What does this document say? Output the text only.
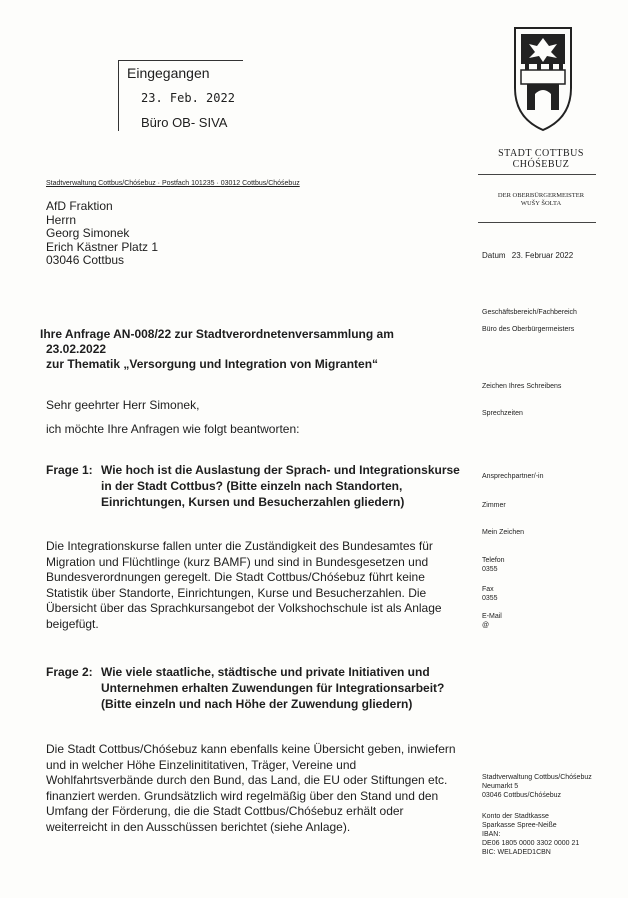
Eingegangen
23. Feb. 2022
Büro OB- SIVA
STADT COTTBUS
CHÓŚEBUZ
DER OBERBÜRGERMEISTER
WUŠY ŠOLTA
Stadtverwaltung Cottbus/Chóśebuz · Postfach 101235 · 03012 Cottbus/Chóśebuz
AfD Fraktion
Herrn
Georg Simonek
Erich Kästner Platz 1
03046 Cottbus	Datum 23. Februar 2022
Geschäftsbereich/Fachbereich
Büro des Oberbürgermeisters
Zeichen Ihres Schreibens
Sprechzeiten
Ansprechpartner/-in
Zimmer
Mein Zeichen
Telefon
0355
Fax
0355
E-Mail
@
Stadtverwaltung Cottbus/Chóśebuz
Neumarkt 5
03046 Cottbus/Chóśebuz
Konto der Stadtkasse
Sparkasse Spree-Neiße
IBAN:
DE06 1805 0000 3302 0000 21
BIC: WELADED1CBN
Ihre Anfrage AN-008/22 zur Stadtverordnetenversammlung am
23.02.2022
zur Thematik „Versorgung und Integration von Migranten“
Sehr geehrter Herr Simonek,
ich möchte Ihre Anfragen wie folgt beantworten:
Frage 1: Wie hoch ist die Auslastung der Sprach- und Integrationskurse
in der Stadt Cottbus? (Bitte einzeln nach Standorten,
Einrichtungen, Kursen und Besucherzahlen gliedern)
Die Integrationskurse fallen unter die Zuständigkeit des Bundesamtes für
Migration und Flüchtlinge (kurz BAMF) und sind in Bundesgesetzen und
Bundesverordnungen geregelt. Die Stadt Cottbus/Chóśebuz führt keine
Statistik über Standorte, Einrichtungen, Kurse und Besucherzahlen. Die
Übersicht über das Sprachkursangebot der Volkshochschule ist als Anlage
beigefügt.
Frage 2: Wie viele staatliche, städtische und private Initiativen und
Unternehmen erhalten Zuwendungen für Integrationsarbeit?
(Bitte einzeln und nach Höhe der Zuwendung gliedern)
Die Stadt Cottbus/Chóśebuz kann ebenfalls keine Übersicht geben, inwiefern
und in welcher Höhe Einzelinititativen, Träger, Vereine und
Wohlfahrtsverbände durch den Bund, das Land, die EU oder Stiftungen etc.
finanziert werden. Grundsätzlich wird regelmäßig über den Stand und den
Umfang der Förderung, die die Stadt Cottbus/Chóśebuz erhält oder
weiterreicht in den Ausschüssen berichtet (siehe Anlage).
